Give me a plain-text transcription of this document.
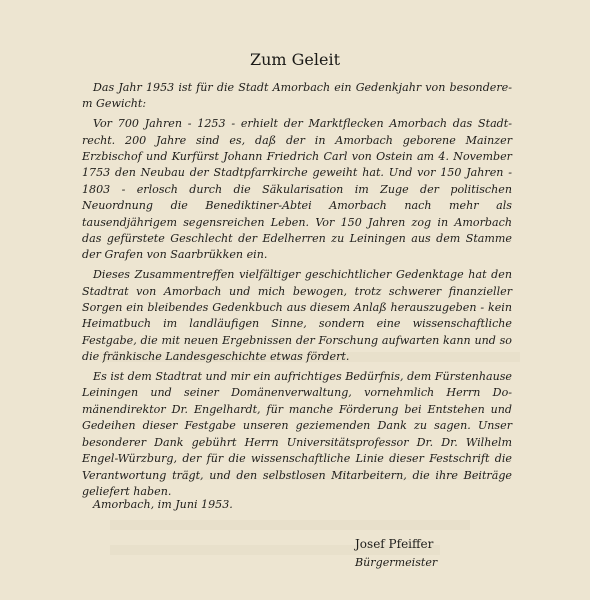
Zum Geleit

Das Jahr 1953 ist für die Stadt Amorbach ein Gedenkjahr von besonderem Gewicht:

Vor 700 Jahren - 1253 - erhielt der Marktflecken Amorbach das Stadtrecht. 200 Jahre sind es, daß der in Amorbach geborene Mainzer Erzbischof und Kurfürst Johann Friedrich Carl von Ostein am 4. November 1753 den Neubau der Stadtpfarrkirche geweiht hat. Und vor 150 Jahren - 1803 - erlosch durch die Säkularisation im Zuge der politischen Neuordnung die Benediktiner-Abtei Amorbach nach mehr als tausendjährigem segensreichen Leben. Vor 150 Jahren zog in Amorbach das gefürstete Geschlecht der Edelherren zu Leiningen aus dem Stamme der Grafen von Saarbrükken ein.

Dieses Zusammentreffen vielfältiger geschichtlicher Gedenktage hat den Stadtrat von Amorbach und mich bewogen, trotz schwerer finanzieller Sorgen ein bleibendes Gedenkbuch aus diesem Anlaß herauszugeben - kein Heimatbuch im landläufigen Sinne, sondern eine wissenschaftliche Festgabe, die mit neuen Ergebnissen der Forschung aufwarten kann und so die fränkische Landesgeschichte etwas fördert.

Es ist dem Stadtrat und mir ein aufrichtiges Bedürfnis, dem Fürstenhause Leiningen und seiner Domänenverwaltung, vornehmlich Herrn Domänendirektor Dr. Engelhardt, für manche Förderung bei Entstehen und Gedeihen dieser Festgabe unseren geziemenden Dank zu sagen. Unser besonderer Dank gebührt Herrn Universitätsprofessor Dr. Dr. Wilhelm Engel-Würzburg, der für die wissenschaftliche Linie dieser Festschrift die Verantwortung trägt, und den selbstlosen Mitarbeitern, die ihre Beiträge geliefert haben.

Amorbach, im Juni 1953.

Josef Pfeiffer
Bürgermeister
